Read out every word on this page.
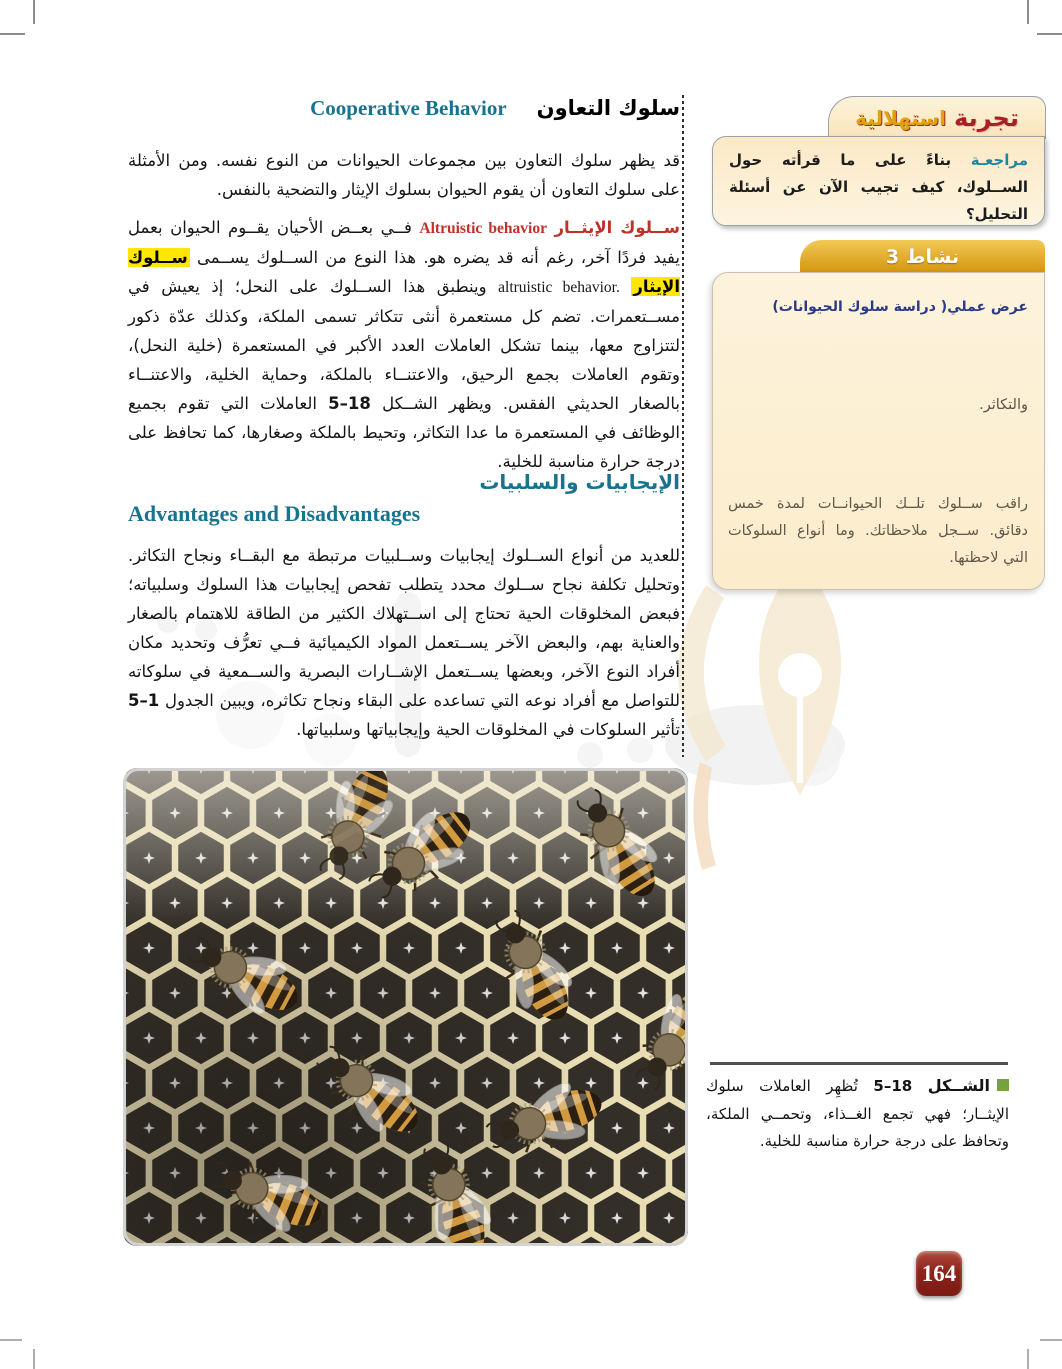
سلوك التعاون
Cooperative Behavior

قد يظهر سلوك التعاون بين مجموعات الحيوانات من النوع نفسه. ومن الأمثلة على سلوك التعاون أن يقوم الحيوان بسلوك الإيثار والتضحية بالنفس.

ســلوك الإيثــار Altruistic behavior فــي بعــض الأحيان يقــوم الحيوان بعمل يفيد فردًا آخر، رغم أنه قد يضره هو. هذا النوع من الســلوك يســمى ســلوك الإيثار altruistic behavior. وينطبق هذا الســلوك على النحل؛ إذ يعيش في مســتعمرات. تضم كل مستعمرة أنثى تتكاثر تسمى الملكة، وكذلك عدّة ذكور لتتزاوج معها، بينما تشكل العاملات العدد الأكبر في المستعمرة (خلية النحل)، وتقوم العاملات بجمع الرحيق، والاعتنــاء بالملكة، وحماية الخلية، والاعتنــاء بالصغار الحديثي الفقس. ويظهر الشــكل 5–18 العاملات التي تقوم بجميع الوظائف في المستعمرة ما عدا التكاثر، وتحيط بالملكة وصغارها، كما تحافظ على درجة حرارة مناسبة للخلية.

الإيجابيات والسلبيات
Advantages and Disadvantages

للعديد من أنواع الســلوك إيجابيات وســلبيات مرتبطة مع البقــاء ونجاح التكاثر. وتحليل تكلفة نجاح ســلوك محدد يتطلب تفحص إيجابيات هذا السلوك وسلبياته؛ فبعض المخلوقات الحية تحتاج إلى اســتهلاك الكثير من الطاقة للاهتمام بالصغار والعناية بهم، والبعض الآخر يســتعمل المواد الكيميائية فــي تعرُّف وتحديد مكان أفراد النوع الآخر، وبعضها يســتعمل الإشــارات البصرية والســمعية في سلوكاته للتواصل مع أفراد نوعه التي تساعده على البقاء ونجاح تكاثره، ويبين الجدول 5–1 تأثير السلوكات في المخلوقات الحية وإيجابياتها وسلبياتها.

تجربة
استهلالية
مراجعـة بناءً على ما قرأته حول الســلوك، كيف تجيب الآن عن أسئلة التحليل؟
نشاط 3
عرض عملي( دراسة سلوك الحيوانات)
والتكاثر.
راقب ســلوك تلــك الحيوانــات لمدة خمس دقائق. ســجل ملاحظاتك. وما أنواع السلوكات التي لاحظتها.
الشــكل 5–18 تُظهِر العاملات سلوك الإيثــار؛ فهي تجمع الغــذاء، وتحمــي الملكة، وتحافظ على درجة حرارة مناسبة للخلية.
164
